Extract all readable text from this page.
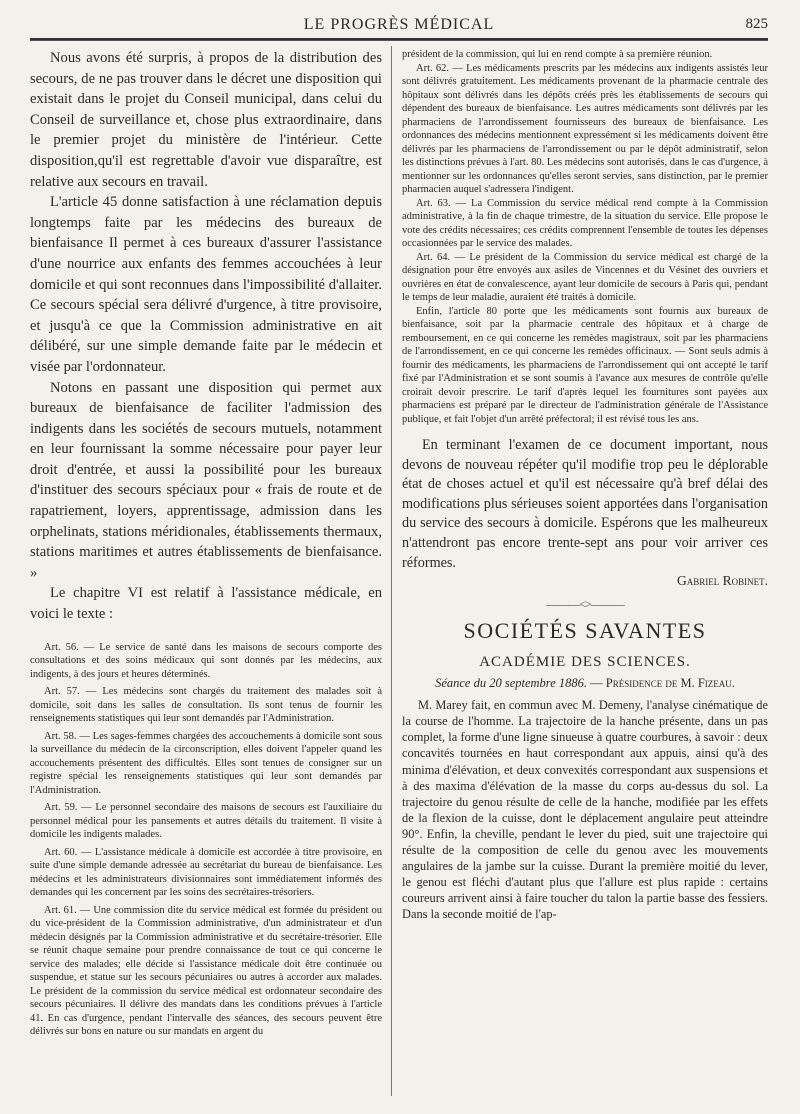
LE PROGRÈS MÉDICAL	825

Nous avons été surpris, à propos de la distribution des secours, de ne pas trouver dans le décret une disposition qui existait dans le projet du Conseil municipal, dans celui du Conseil de surveillance et, chose plus extraordinaire, dans le premier projet du ministère de l'intérieur. Cette disposition,qu'il est regrettable d'avoir vue disparaître, est relative aux secours en travail.

L'article 45 donne satisfaction à une réclamation depuis longtemps faite par les médecins des bureaux de bienfaisance Il permet à ces bureaux d'assurer l'assistance d'une nourrice aux enfants des femmes accouchées à leur domicile et qui sont reconnues dans l'impossibilité d'allaiter. Ce secours spécial sera délivré d'urgence, à titre provisoire, et jusqu'à ce que la Commission administrative en ait délibéré, sur une simple demande faite par le médecin et visée par l'ordonnateur.

Notons en passant une disposition qui permet aux bureaux de bienfaisance de faciliter l'admission des indigents dans les sociétés de secours mutuels, notamment en leur fournissant la somme nécessaire pour payer leur droit d'entrée, et aussi la possibilité pour les bureaux d'instituer des secours spéciaux pour « frais de route et de rapatriement, loyers, apprentissage, admission dans les orphelinats, stations méridionales, établissements thermaux, stations maritimes et autres établissements de bienfaisance. »

Le chapitre VI est relatif à l'assistance médicale, en voici le texte :

Art. 56. — Le service de santé dans les maisons de secours comporte des consultations et des soins médicaux qui sont donnés par les médecins, aux indigents, à des jours et heures déterminés.

Art. 57. — Les médecins sont chargés du traitement des malades soit à domicile, soit dans les salles de consultation. Ils sont tenus de fournir les renseignements statistiques qui leur sont demandés par l'Administration.

Art. 58. — Les sages-femmes chargées des accouchements à domicile sont sous la surveillance du médecin de la circonscription, elles doivent l'appeler quand les accouchements présentent des difficultés. Elles sont tenues de consigner sur un registre spécial les renseignements statistiques qui leur sont demandés par l'Administration.

Art. 59. — Le personnel secondaire des maisons de secours est l'auxiliaire du personnel médical pour les pansements et autres détails du traitement. Il visite à domicile les indigents malades.

Art. 60. — L'assistance médicale à domicile est accordée à titre provisoire, en suite d'une simple demande adressée au secrétariat du bureau de bienfaisance. Les médecins et les administrateurs divisionnaires sont immédiatement informés des demandes qui les concernent par les soins des secrétaires-trésoriers.

Art. 61. — Une commission dite du service médical est formée du président ou du vice-président de la Commission administrative, d'un administrateur et d'un médecin désignés par la Commission administrative et du secrétaire-trésorier. Elle se réunit chaque semaine pour prendre connaissance de tout ce qui concerne le service des malades; elle décide si l'assistance médicale doit être continuée ou suspendue, et statue sur les secours pécuniaires ou autres à accorder aux malades. Le président de la commission du service médical est ordonnateur secondaire des secours pécuniaires. Il délivre des mandats dans les conditions prévues à l'article 41. En cas d'urgence, pendant l'intervalle des séances, des secours peuvent être délivrés sur bons en nature ou sur mandats en argent du

président de la commission, qui lui en rend compte à sa première réunion.

Art. 62. — Les médicaments prescrits par les médecins aux indigents assistés leur sont délivrés gratuitement. Les médicaments provenant de la pharmacie centrale des hôpitaux sont délivrés dans les dépôts créés près les établissements de secours qui dépendent des bureaux de bienfaisance. Les autres médicaments sont délivrés par les pharmaciens de l'arrondissement fournisseurs des bureaux de bienfaisance. Les ordonnances des médecins mentionnent expressément si les médicaments doivent être délivrés par les pharmaciens de l'arrondissement ou par le dépôt administratif, selon les distinctions prévues à l'art. 80. Les médecins sont autorisés, dans le cas d'urgence, à mentionner sur les ordonnances qu'elles seront servies, sans distinction, par le premier pharmacien auquel s'adressera l'indigent.

Art. 63. — La Commission du service médical rend compte à la Commission administrative, à la fin de chaque trimestre, de la situation du service. Elle propose le vote des crédits nécessaires; ces crédits comprennent l'ensemble de toutes les dépenses occasionnées par le service des malades.

Art. 64. — Le président de la Commission du service médical est chargé de la désignation pour être envoyés aux asiles de Vincennes et du Vésinet des ouvriers et ouvrières en état de convalescence, ayant leur domicile de secours à Paris qui, pendant le temps de leur maladie, auraient été traités à domicile.

Enfin, l'article 80 porte que les médicaments sont fournis aux bureaux de bienfaisance, soit par la pharmacie centrale des hôpitaux et à charge de remboursement, en ce qui concerne les remèdes magistraux, soit par les pharmaciens de l'arrondissement, en ce qui concerne les remèdes officinaux. — Sont seuls admis à fournir des médicaments, les pharmaciens de l'arrondissement qui ont accepté le tarif fixé par l'Administration et se sont soumis à l'avance aux mesures de contrôle qu'elle croirait devoir prescrire. Le tarif d'après lequel les fournitures sont payées aux pharmaciens est préparé par le directeur de l'administration générale de l'Assistance publique, et fait l'objet d'un arrêté préfectoral; il est révisé tous les ans.

En terminant l'examen de ce document important, nous devons de nouveau répéter qu'il modifie trop peu le déplorable état de choses actuel et qu'il est nécessaire qu'à bref délai des modifications plus sérieuses soient apportées dans l'organisation du service des secours à domicile. Espérons que les malheureux n'attendront pas encore trente-sept ans pour voir arriver ces réformes.

Gabriel Robinet.
———<>———
SOCIÉTÉS SAVANTES
ACADÉMIE DES SCIENCES.
Séance du 20 septembre 1886. — Présidence de M. Fizeau.

M. Marey fait, en commun avec M. Demeny, l'analyse cinématique de la course de l'homme. La trajectoire de la hanche présente, dans un pas complet, la forme d'une ligne sinueuse à quatre courbures, à savoir : deux concavités tournées en haut correspondant aux appuis, ainsi qu'à des minima d'élévation, et deux convexités correspondant aux suspensions et à des maxima d'élévation de la masse du corps au-dessus du sol. La trajectoire du genou résulte de celle de la hanche, modifiée par les effets de la flexion de la cuisse, dont le déplacement angulaire peut atteindre 90°. Enfin, la cheville, pendant le lever du pied, suit une trajectoire qui résulte de la composition de celle du genou avec les mouvements angulaires de la jambe sur la cuisse. Durant la première moitié du lever, le genou est fléchi d'autant plus que l'allure est plus rapide : certains coureurs arrivent ainsi à faire toucher du talon la partie basse des fessiers. Dans la seconde moitié de l'ap-
